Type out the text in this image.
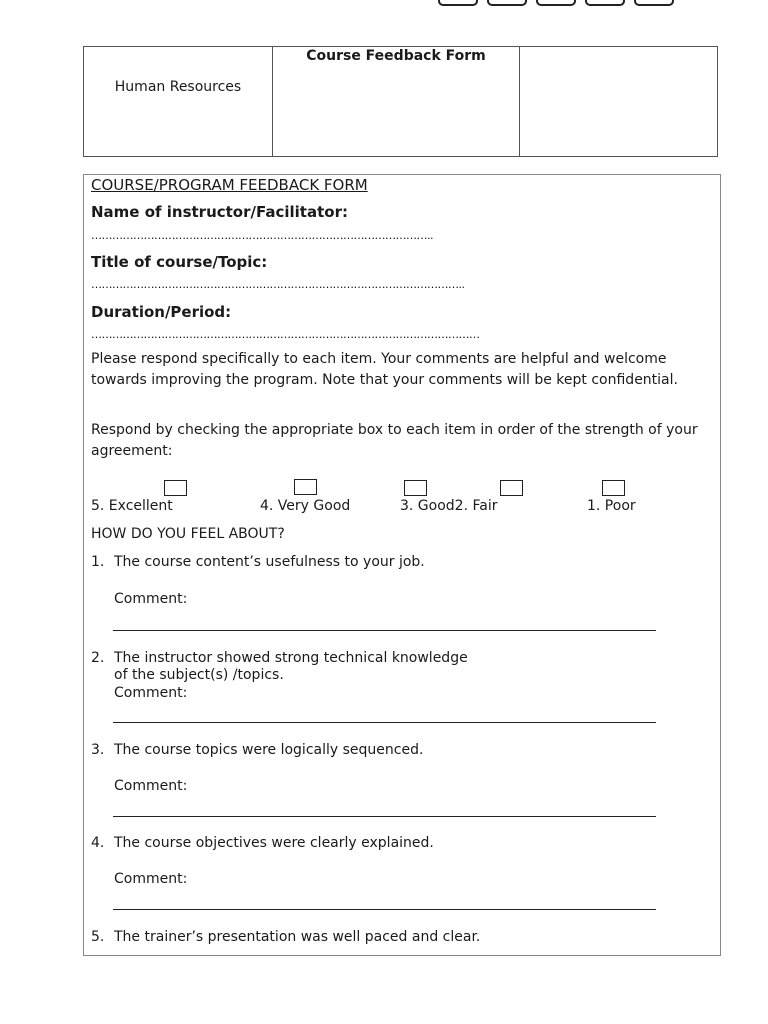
Human Resources
Course Feedback Form
COURSE/PROGRAM FEEDBACK FORM
Name of instructor/Facilitator:
……………………………………………………………………………………..
Title of course/Topic:
……………………………………………………………………………………………..
Duration/Period:
…………………………………………………………………………………………………
Please respond specifically to each item. Your comments are helpful and welcome towards improving the program. Note that your comments will be kept confidential.
Respond by checking the appropriate box to each item in order of the strength of your agreement:
5. Excellent	4. Very Good	3. Good2. Fair	1. Poor
HOW DO YOU FEEL ABOUT?
1. The course content’s usefulness to your job.
Comment:
2. The instructor showed strong technical knowledge
of the subject(s) /topics.
Comment:
3. The course topics were logically sequenced.
Comment:
4. The course objectives were clearly explained.
Comment:
5. The trainer’s presentation was well paced and clear.
